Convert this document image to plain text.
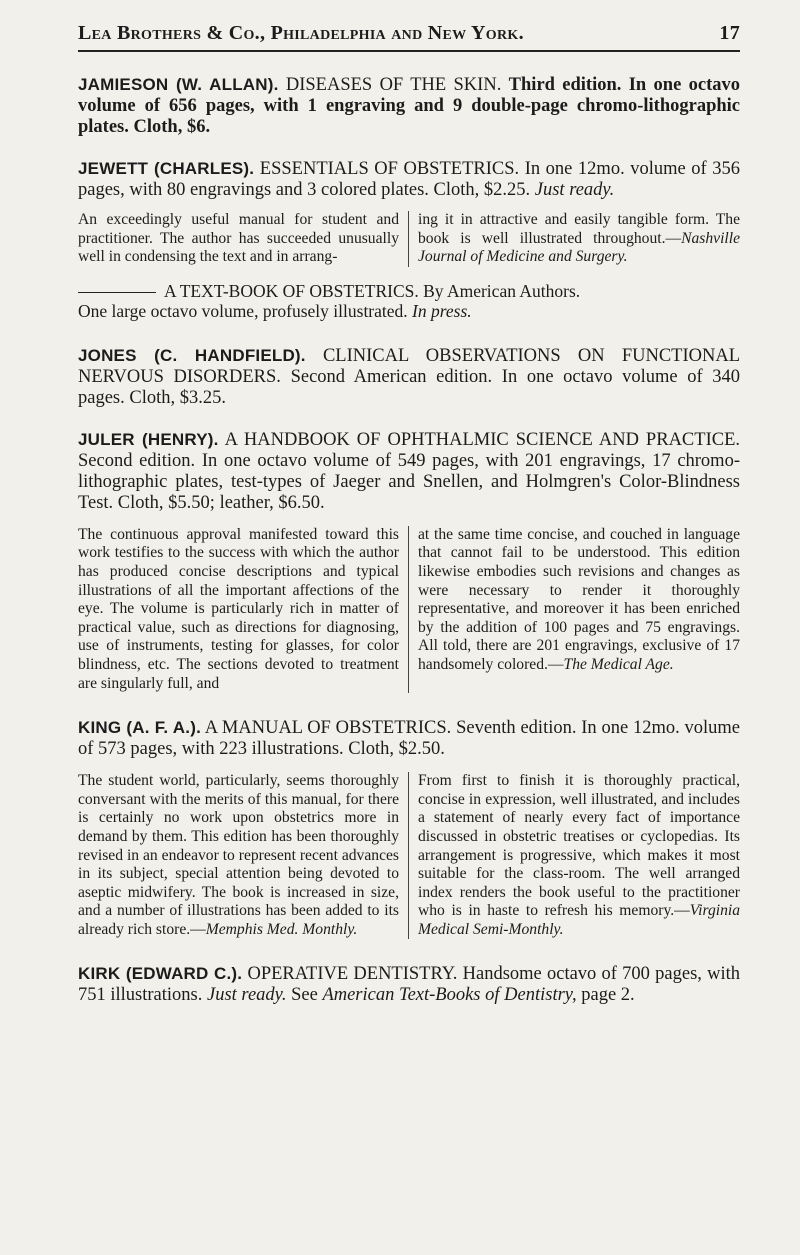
Lea Brothers & Co., Philadelphia and New York.	17

JAMIESON (W. ALLAN). DISEASES OF THE SKIN. Third edition. In one octavo volume of 656 pages, with 1 engraving and 9 double-page chromo-lithographic plates. Cloth, $6.

JEWETT (CHARLES). ESSENTIALS OF OBSTETRICS. In one 12mo. volume of 356 pages, with 80 engravings and 3 colored plates. Cloth, $2.25. Just ready.

An exceedingly useful manual for student and practitioner. The author has succeeded unusually well in condensing the text and in arrang-
ing it in attractive and easily tangible form. The book is well illustrated throughout.—Nashville Journal of Medicine and Surgery.
A TEXT-BOOK OF OBSTETRICS. By American Authors.
One large octavo volume, profusely illustrated. In press.

JONES (C. HANDFIELD). CLINICAL OBSERVATIONS ON FUNCTIONAL NERVOUS DISORDERS. Second American edition. In one octavo volume of 340 pages. Cloth, $3.25.

JULER (HENRY). A HANDBOOK OF OPHTHALMIC SCIENCE AND PRACTICE. Second edition. In one octavo volume of 549 pages, with 201 engravings, 17 chromo-lithographic plates, test-types of Jaeger and Snellen, and Holmgren's Color-Blindness Test. Cloth, $5.50; leather, $6.50.

The continuous approval manifested toward this work testifies to the success with which the author has produced concise descriptions and typical illustrations of all the important affections of the eye. The volume is particularly rich in matter of practical value, such as directions for diagnosing, use of instruments, testing for glasses, for color blindness, etc. The sections devoted to treatment are singularly full, and
at the same time concise, and couched in language that cannot fail to be understood. This edition likewise embodies such revisions and changes as were necessary to render it thoroughly representative, and moreover it has been enriched by the addition of 100 pages and 75 engravings. All told, there are 201 engravings, exclusive of 17 handsomely colored.—The Medical Age.

KING (A. F. A.). A MANUAL OF OBSTETRICS. Seventh edition. In one 12mo. volume of 573 pages, with 223 illustrations. Cloth, $2.50.

The student world, particularly, seems thoroughly conversant with the merits of this manual, for there is certainly no work upon obstetrics more in demand by them. This edition has been thoroughly revised in an endeavor to represent recent advances in its subject, special attention being devoted to aseptic midwifery. The book is increased in size, and a number of illustrations has been added to its already rich store.—Memphis Med. Monthly.
From first to finish it is thoroughly practical, concise in expression, well illustrated, and includes a statement of nearly every fact of importance discussed in obstetric treatises or cyclopedias. Its arrangement is progressive, which makes it most suitable for the class-room. The well arranged index renders the book useful to the practitioner who is in haste to refresh his memory.—Virginia Medical Semi-Monthly.

KIRK (EDWARD C.). OPERATIVE DENTISTRY. Handsome octavo of 700 pages, with 751 illustrations. Just ready. See American Text-Books of Dentistry, page 2.
